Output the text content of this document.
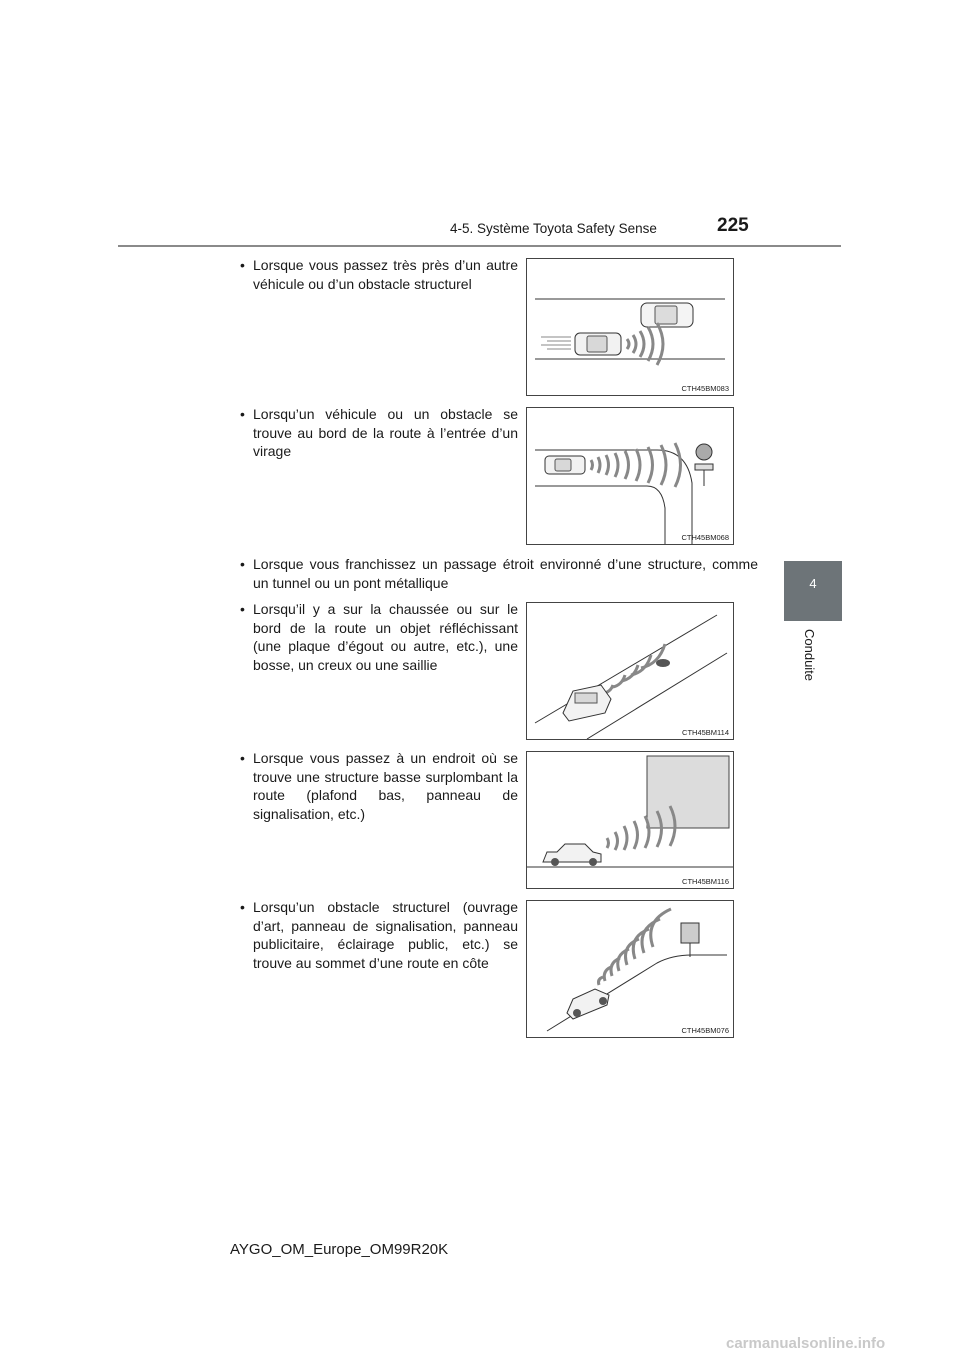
4-5. Système Toyota Safety Sense	225
4
Conduite
• Lorsque vous passez très près d’un autre véhicule ou d’un obstacle structurel
CTH45BM083
• Lorsqu’un véhicule ou un obstacle se trouve au bord de la route à l’entrée d’un virage
CTH45BM068
• Lorsque vous franchissez un passage étroit environné d’une structure, comme un tunnel ou un pont métallique
• Lorsqu’il y a sur la chaussée ou sur le bord de la route un objet réfléchissant (une plaque d’égout ou autre, etc.), une bosse, un creux ou une saillie
CTH45BM114
• Lorsque vous passez à un endroit où se trouve une structure basse surplombant la route (plafond bas, panneau de signalisation, etc.)
CTH45BM116
• Lorsqu’un obstacle structurel (ouvrage d’art, panneau de signalisation, panneau publicitaire, éclairage public, etc.) se trouve au sommet d’une route en côte
CTH45BM076
AYGO_OM_Europe_OM99R20K
carmanualsonline.info
